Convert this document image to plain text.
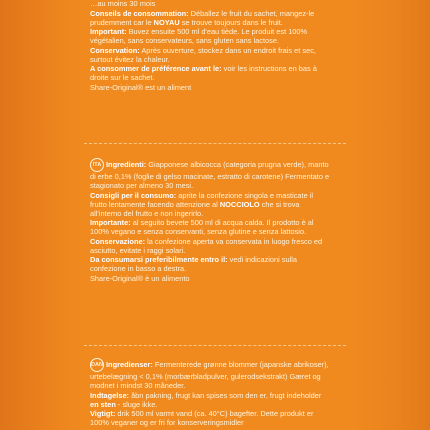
…au moins 30 mois

Conseils de consommation: Déballez le fruit du sachet, mangez-le prudemment car le NOYAU se trouve toujours dans le fruit.

Important: Buvez ensuite 500 ml d'eau tiède. Le produit est 100% végétalien, sans conservateurs, sans gluten sans lactose.

Conservation: Après ouverture, stockez dans un endroit frais et sec, surtout évitez la chaleur.

A consommer de préférence avant le: voir les instructions en bas à droite sur le sachet.

Share-Original® est un aliment

ITA Ingredienti: Giapponese albicocca (categoria prugna verde), manto di erbe 0,1% (foglie di gelso macinate, estratto di carotene) Fermentato e stagionato per almeno 30 mesi.

Consigli per il consumo: aprite la confezione singola e masticate il frutto lentamente facendo attenzione al NOCCIOLO che si trova all'interno del frutto e non ingerirlo.

Importante: al seguito bevete 500 ml di acqua calda. Il prodotto è al 100% vegano e senza conservanti, senza glutine e senza lattosio.

Conservazione: la confezione aperta va conservata in luogo fresco ed asciutto, evitate i raggi solari.

Da consumarsi preferibilmente entro il: vedi indicazioni sulla confezione in basso a destra.

Share-Original® è un alimento

DAN Ingredienser: Fermenterede grønne blommer (japanske abrikoser), urtebelægning < 0,1% (morbærbladpulver, gulerodsekstrakt) Gæret og modnet i mindst 30 måneder.

Indtagelse: åbn pakning, frugt kan spises som den er, frugt indeholder en sten - sluge ikke.

Vigtigt: drik 500 ml varmt vand (ca. 40°C) bagefter. Dette produkt er 100% veganer og er fri for konserveringsmidler
